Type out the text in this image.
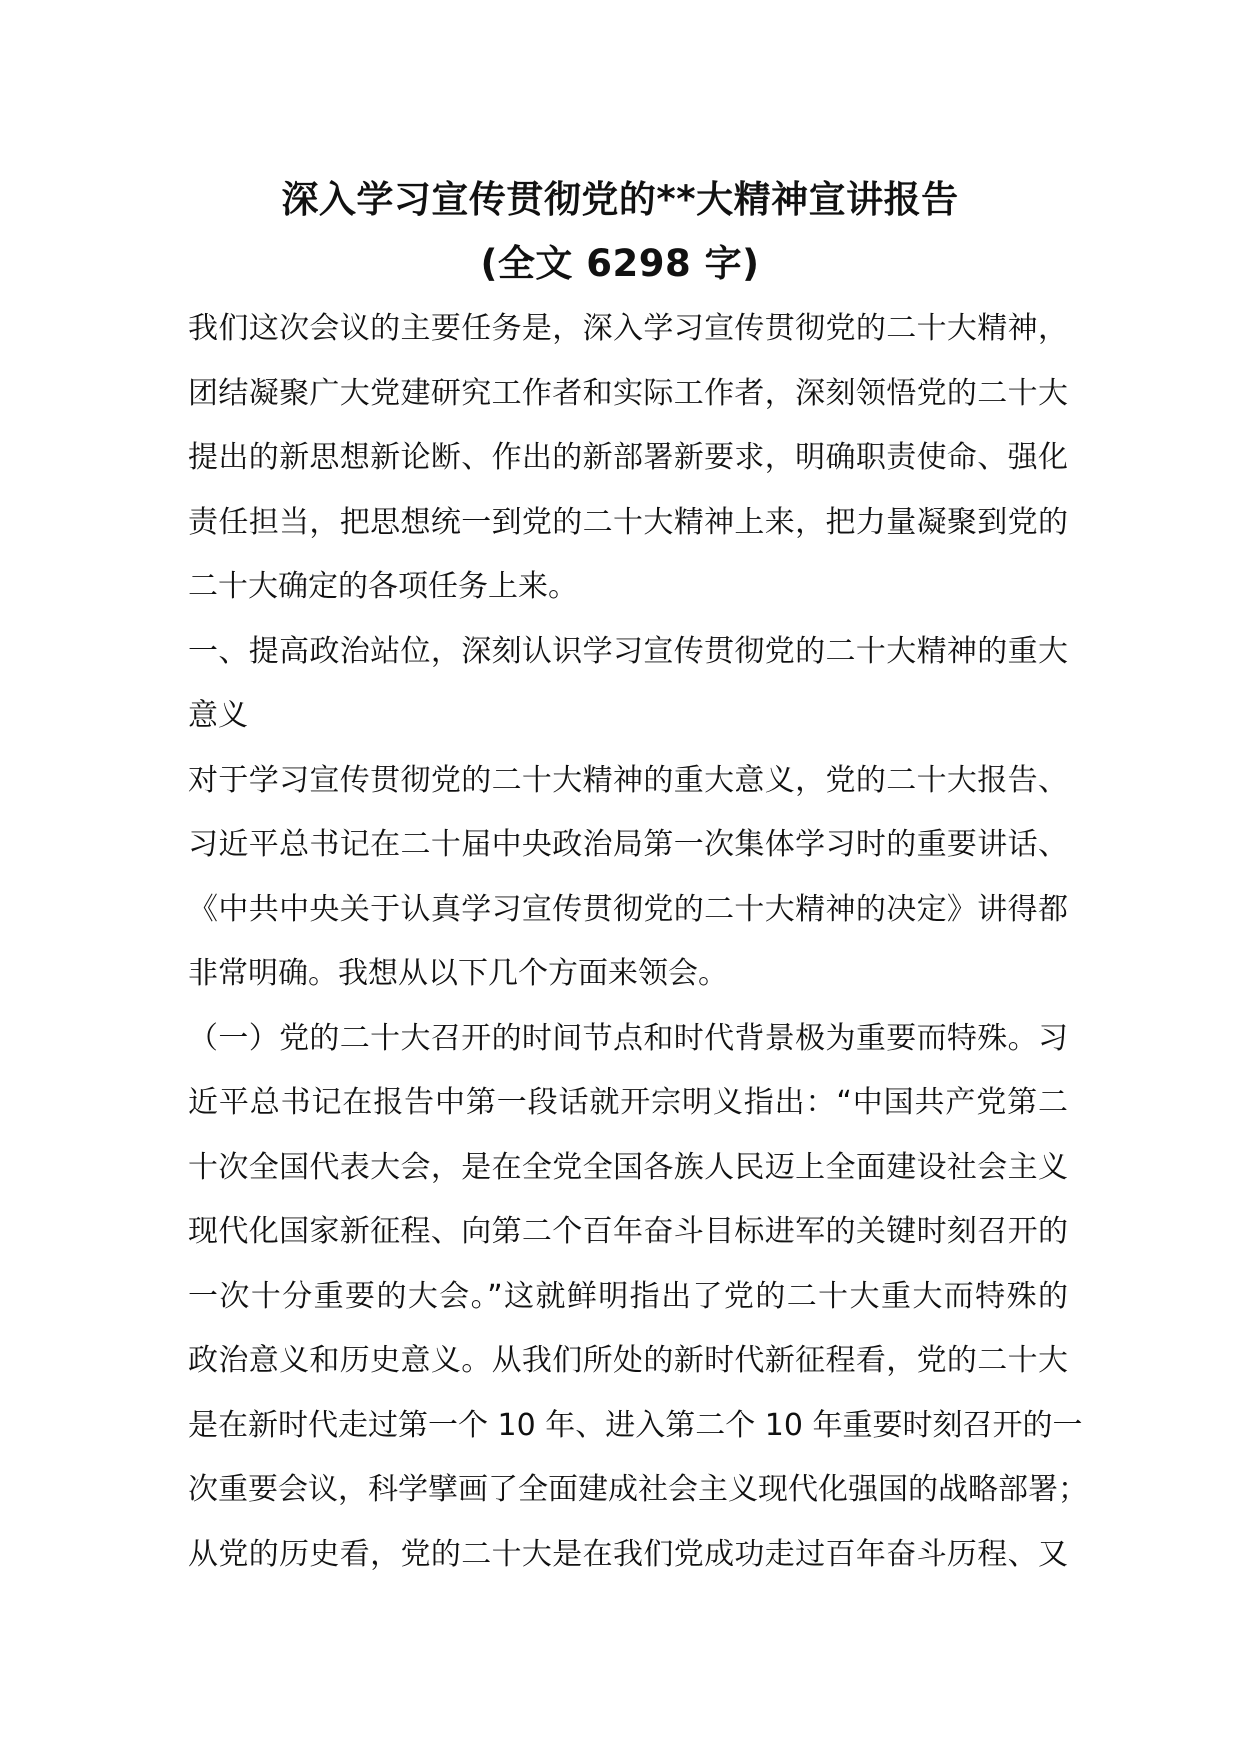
深入学习宣传贯彻党的**大精神宣讲报告
(全文 6298 字)
我们这次会议的主要任务是，深入学习宣传贯彻党的二十大精神，
团结凝聚广大党建研究工作者和实际工作者，深刻领悟党的二十大
提出的新思想新论断、作出的新部署新要求，明确职责使命、强化
责任担当，把思想统一到党的二十大精神上来，把力量凝聚到党的
二十大确定的各项任务上来。
一、提高政治站位，深刻认识学习宣传贯彻党的二十大精神的重大
意义
对于学习宣传贯彻党的二十大精神的重大意义，党的二十大报告、
习近平总书记在二十届中央政治局第一次集体学习时的重要讲话、
《中共中央关于认真学习宣传贯彻党的二十大精神的决定》讲得都
非常明确。我想从以下几个方面来领会。
（一）党的二十大召开的时间节点和时代背景极为重要而特殊。习
近平总书记在报告中第一段话就开宗明义指出：“中国共产党第二
十次全国代表大会，是在全党全国各族人民迈上全面建设社会主义
现代化国家新征程、向第二个百年奋斗目标进军的关键时刻召开的
一次十分重要的大会。”这就鲜明指出了党的二十大重大而特殊的
政治意义和历史意义。从我们所处的新时代新征程看，党的二十大
是在新时代走过第一个 10 年、进入第二个 10 年重要时刻召开的一
次重要会议，科学擘画了全面建成社会主义现代化强国的战略部署；
从党的历史看，党的二十大是在我们党成功走过百年奋斗历程、又
